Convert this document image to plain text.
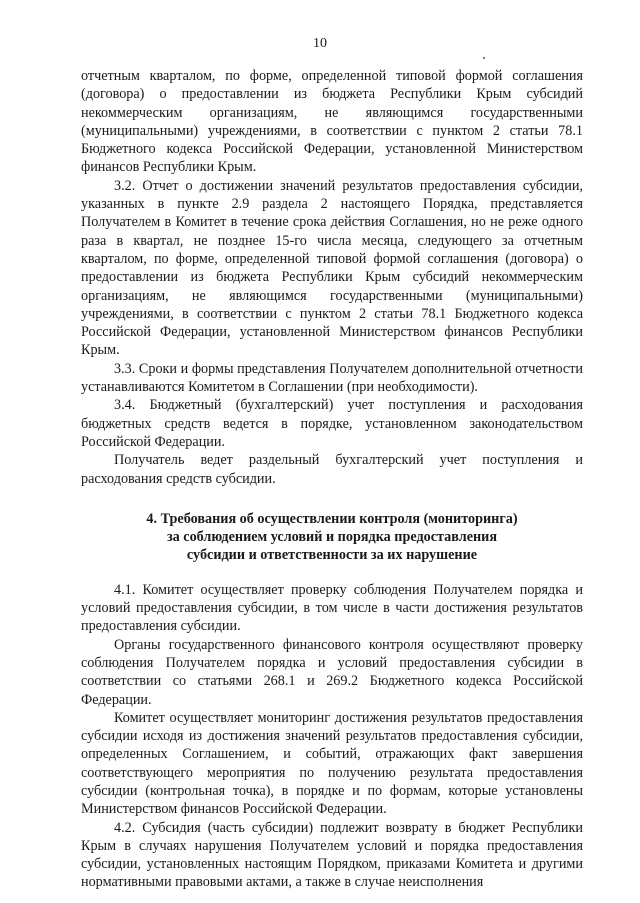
10

отчетным кварталом, по форме, определенной типовой формой соглашения (договора) о предоставлении из бюджета Республики Крым субсидий некоммерческим организациям, не являющимся государственными (муниципальными) учреждениями, в соответствии с пунктом 2 статьи 78.1 Бюджетного кодекса Российской Федерации, установленной Министерством финансов Республики Крым.

3.2. Отчет о достижении значений результатов предоставления субсидии, указанных в пункте 2.9 раздела 2 настоящего Порядка, представляется Получателем в Комитет в течение срока действия Соглашения, но не реже одного раза в квартал, не позднее 15-го числа месяца, следующего за отчетным кварталом, по форме, определенной типовой формой соглашения (договора) о предоставлении из бюджета Республики Крым субсидий некоммерческим организациям, не являющимся государственными (муниципальными) учреждениями, в соответствии с пунктом 2 статьи 78.1 Бюджетного кодекса Российской Федерации, установленной Министерством финансов Республики Крым.

3.3. Сроки и формы представления Получателем дополнительной отчетности устанавливаются Комитетом в Соглашении (при необходимости).

3.4. Бюджетный (бухгалтерский) учет поступления и расходования бюджетных средств ведется в порядке, установленном законодательством Российской Федерации.

Получатель ведет раздельный бухгалтерский учет поступления и расходования средств субсидии.

4. Требования об осуществлении контроля (мониторинга)
за соблюдением условий и порядка предоставления
субсидии и ответственности за их нарушение

4.1. Комитет осуществляет проверку соблюдения Получателем порядка и условий предоставления субсидии, в том числе в части достижения результатов предоставления субсидии.

Органы государственного финансового контроля осуществляют проверку соблюдения Получателем порядка и условий предоставления субсидии в соответствии со статьями 268.1 и 269.2 Бюджетного кодекса Российской Федерации.

Комитет осуществляет мониторинг достижения результатов предоставления субсидии исходя из достижения значений результатов предоставления субсидии, определенных Соглашением, и событий, отражающих факт завершения соответствующего мероприятия по получению результата предоставления субсидии (контрольная точка), в порядке и по формам, которые установлены Министерством финансов Российской Федерации.

4.2. Субсидия (часть субсидии) подлежит возврату в бюджет Республики Крым в случаях нарушения Получателем условий и порядка предоставления субсидии, установленных настоящим Порядком, приказами Комитета и другими нормативными правовыми актами, а также в случае неисполнения
